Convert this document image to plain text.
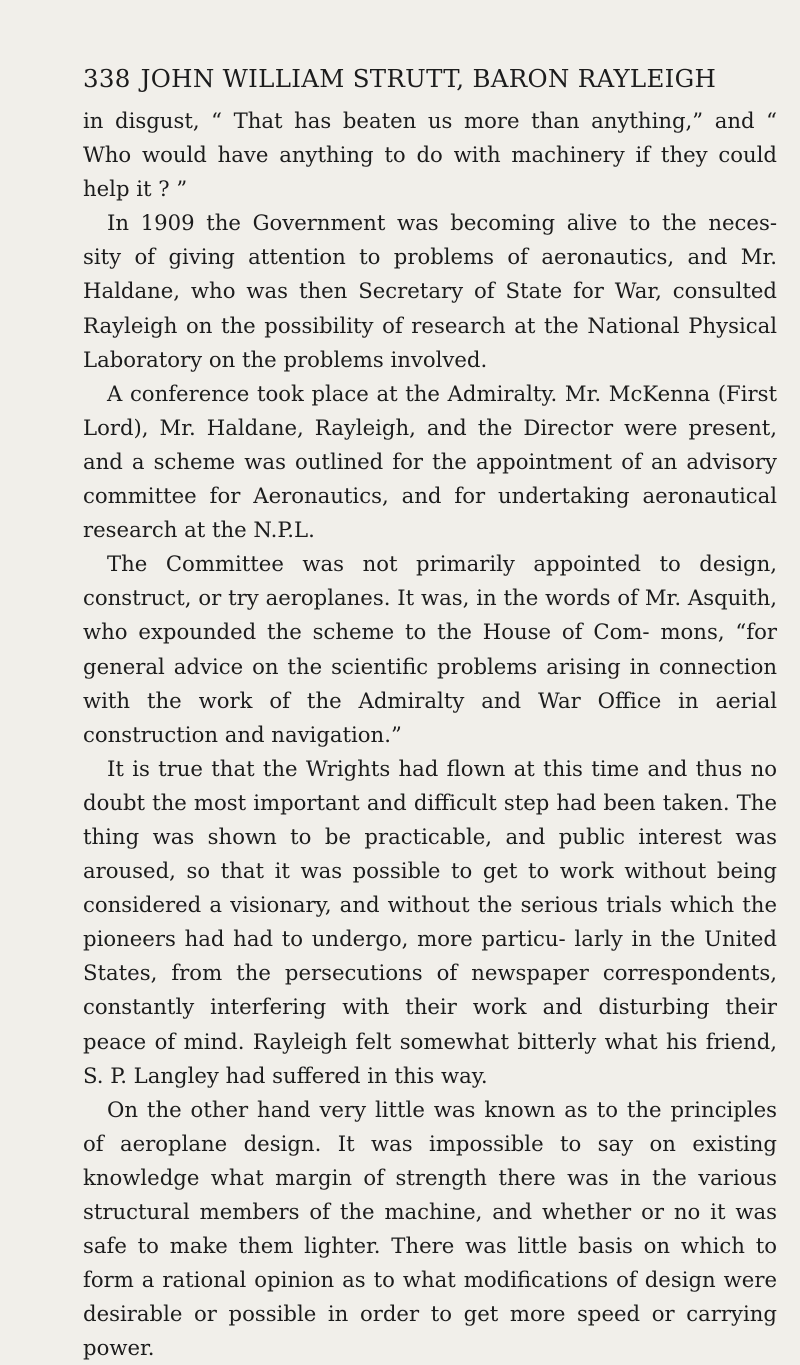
338 JOHN WILLIAM STRUTT, BARON RAYLEIGH

in disgust, “ That has beaten us more than anything,” and “ Who would have anything to do with machinery if they could help it ? ”

In 1909 the Government was becoming alive to the neces- sity of giving attention to problems of aeronautics, and Mr. Haldane, who was then Secretary of State for War, consulted Rayleigh on the possibility of research at the National Physical Laboratory on the problems involved.

A conference took place at the Admiralty. Mr. McKenna (First Lord), Mr. Haldane, Rayleigh, and the Director were present, and a scheme was outlined for the appointment of an advisory committee for Aeronautics, and for undertaking aeronautical research at the N.P.L.

The Committee was not primarily appointed to design, construct, or try aeroplanes. It was, in the words of Mr. Asquith, who expounded the scheme to the House of Com- mons, “for general advice on the scientific problems arising in connection with the work of the Admiralty and War Office in aerial construction and navigation.”

It is true that the Wrights had flown at this time and thus no doubt the most important and difficult step had been taken. The thing was shown to be practicable, and public interest was aroused, so that it was possible to get to work without being considered a visionary, and without the serious trials which the pioneers had had to undergo, more particu- larly in the United States, from the persecutions of newspaper correspondents, constantly interfering with their work and disturbing their peace of mind. Rayleigh felt somewhat bitterly what his friend, S. P. Langley had suffered in this way.

On the other hand very little was known as to the principles of aeroplane design. It was impossible to say on existing knowledge what margin of strength there was in the various structural members of the machine, and whether or no it was safe to make them lighter. There was little basis on which to form a rational opinion as to what modifications of design were desirable or possible in order to get more speed or carrying power.
